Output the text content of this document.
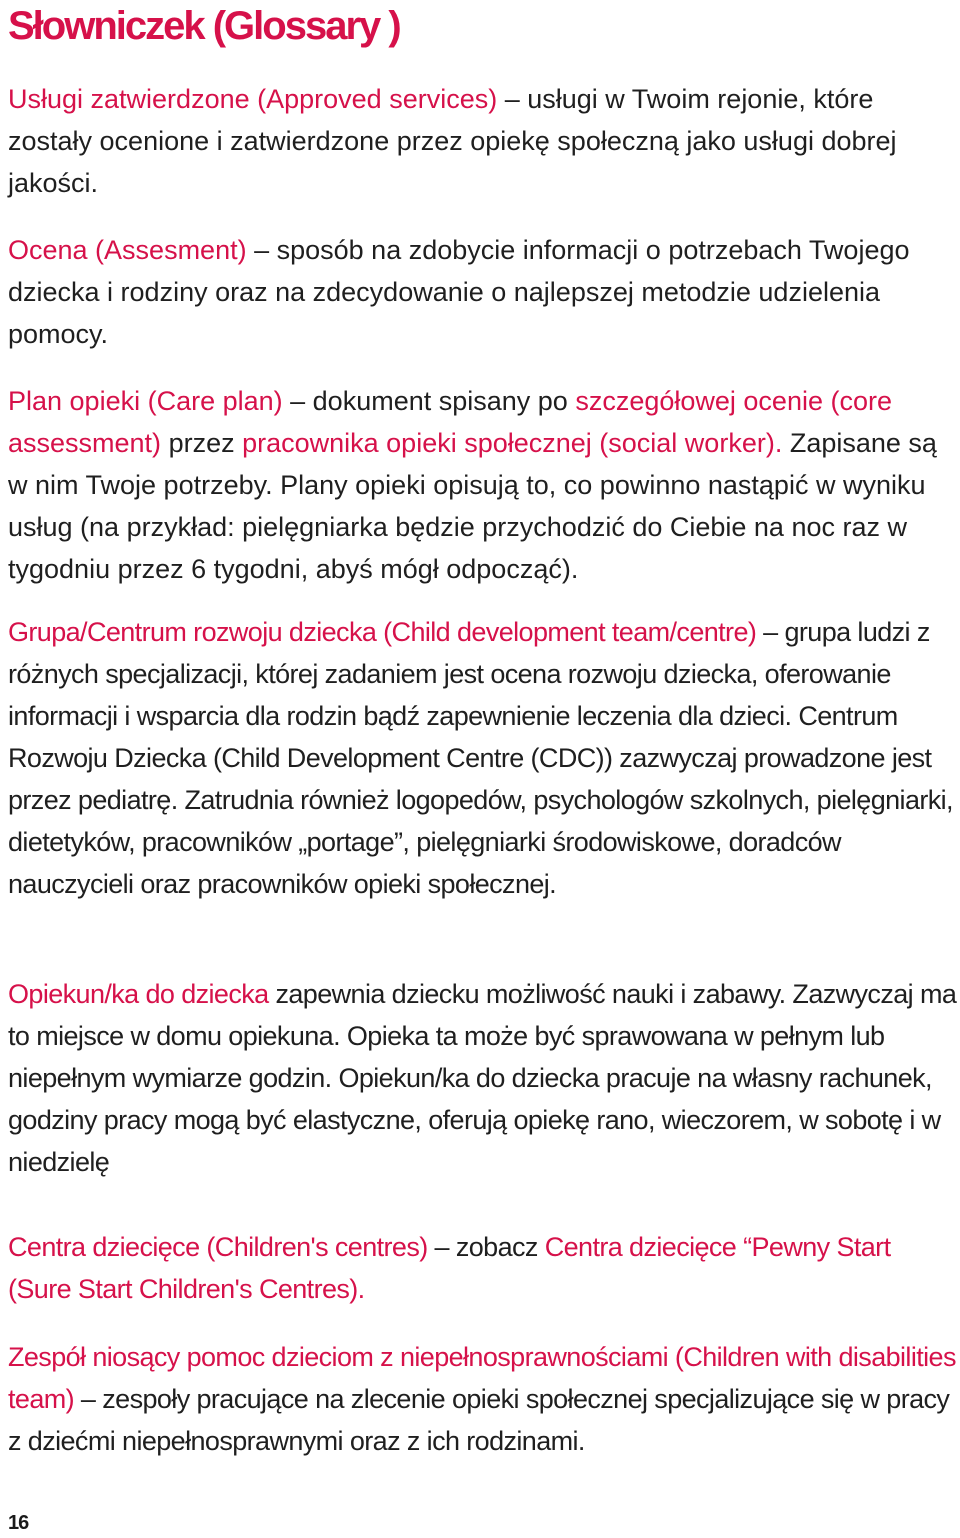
Słowniczek (Glossary )

Usługi zatwierdzone (Approved services) – usługi w Twoim rejonie, które zostały ocenione i zatwierdzone przez opiekę społeczną jako usługi dobrej jakości.

Ocena (Assesment) – sposób na zdobycie informacji o potrzebach Twojego dziecka i rodziny oraz na zdecydowanie o najlepszej metodzie udzielenia pomocy.

Plan opieki (Care plan) – dokument spisany po szczegółowej ocenie (core assessment) przez pracownika opieki społecznej (social worker). Zapisane są w nim Twoje potrzeby. Plany opieki opisują to, co powinno nastąpić w wyniku usług (na przykład: pielęgniarka będzie przychodzić do Ciebie na noc raz w tygodniu przez 6 tygodni, abyś mógł odpocząć).

Grupa/Centrum rozwoju dziecka (Child development team/centre) – grupa ludzi z różnych specjalizacji, której zadaniem jest ocena rozwoju dziecka, oferowanie informacji i wsparcia dla rodzin bądź zapewnienie leczenia dla dzieci. Centrum Rozwoju Dziecka (Child Development Centre (CDC)) zazwyczaj prowadzone jest przez pediatrę. Zatrudnia również logopedów, psychologów szkolnych, pielęgniarki, dietetyków, pracowników „portage”, pielęgniarki środowiskowe, doradców nauczycieli oraz pracowników opieki społecznej.

Opiekun/ka do dziecka zapewnia dziecku możliwość nauki i zabawy. Zazwyczaj ma to miejsce w domu opiekuna. Opieka ta może być sprawowana w pełnym lub niepełnym wymiarze godzin. Opiekun/ka do dziecka pracuje na własny rachunek, godziny pracy mogą być elastyczne, oferują opiekę rano, wieczorem, w sobotę i w niedzielę

Centra dziecięce (Children's centres) – zobacz Centra dziecięce “Pewny Start (Sure Start Children's Centres).

Zespół niosący pomoc dzieciom z niepełnosprawnościami (Children with disabilities team) – zespoły pracujące na zlecenie opieki społecznej specjalizujące się w pracy z dziećmi niepełnosprawnymi oraz z ich rodzinami.

16
